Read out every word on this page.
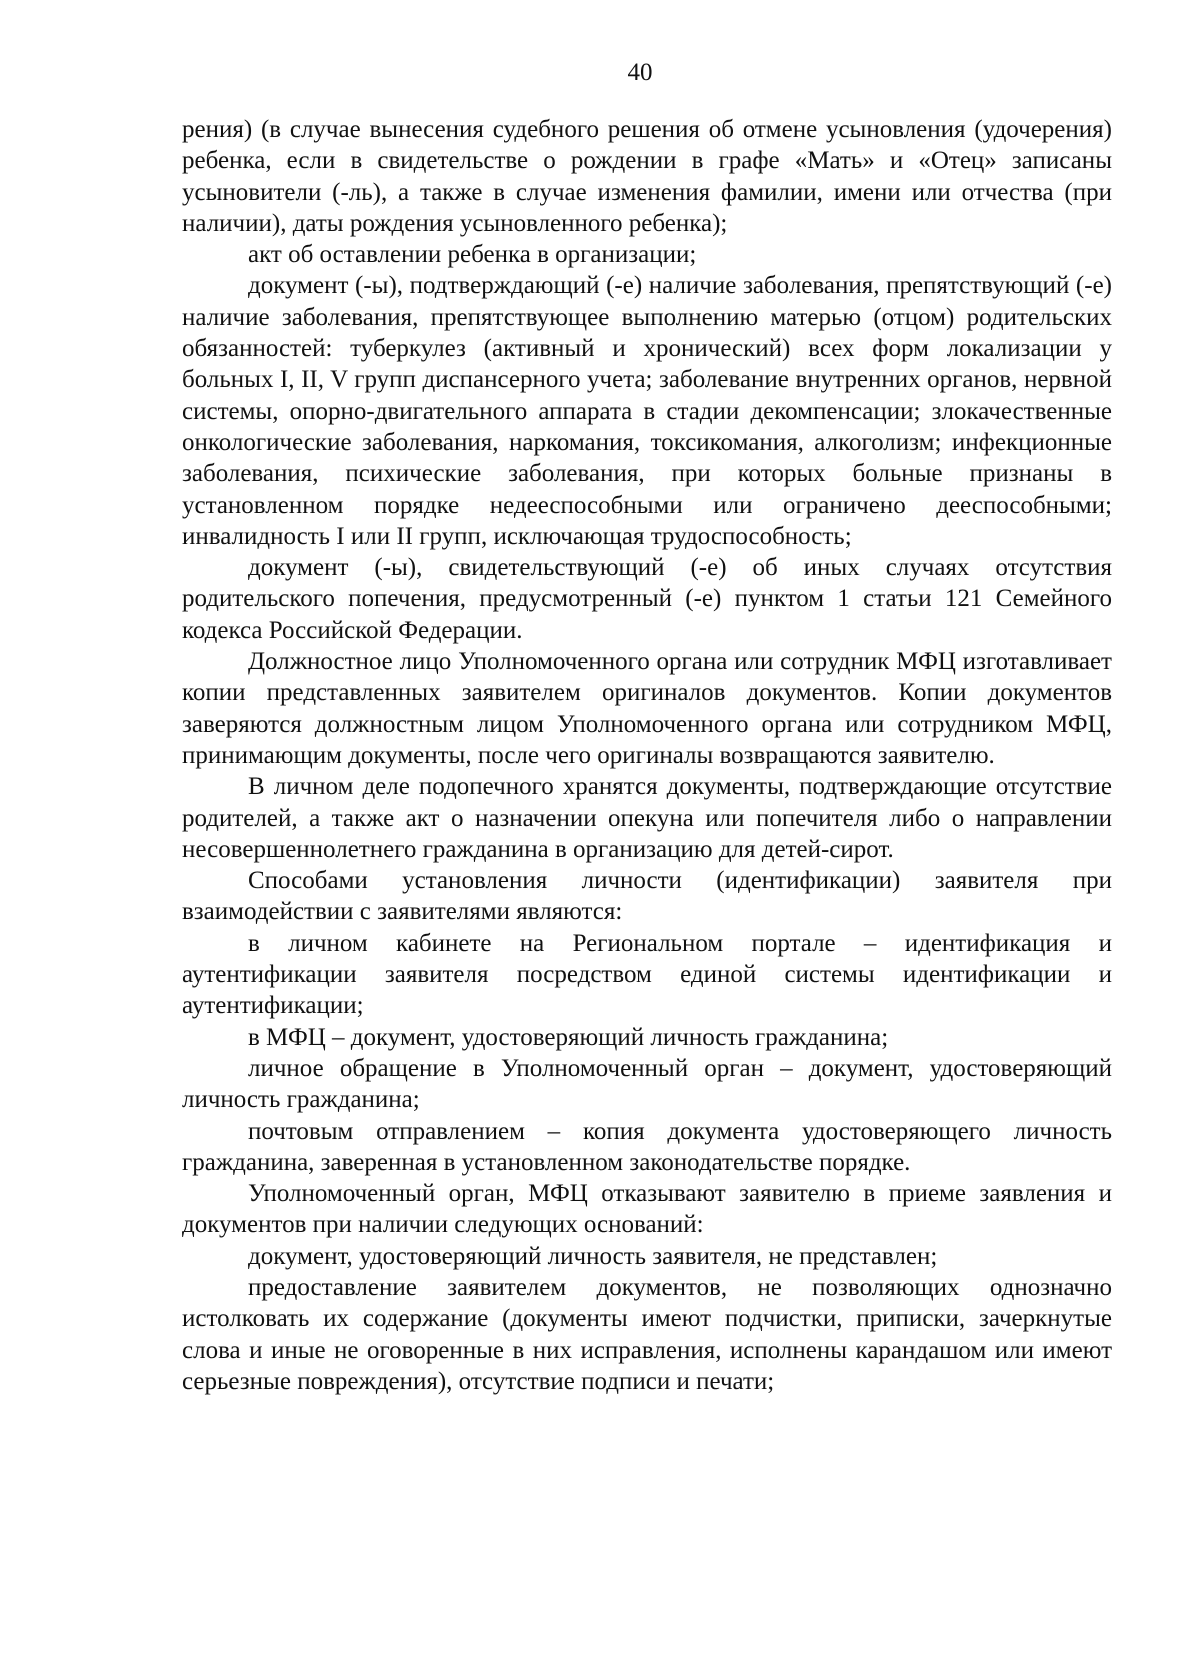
40

рения) (в случае вынесения судебного решения об отмене усыновления (удочерения) ребенка, если в свидетельстве о рождении в графе «Мать» и «Отец» записаны усыновители (-ль), а также в случае изменения фамилии, имени или отчества (при наличии), даты рождения усыновленного ребенка);

акт об оставлении ребенка в организации;

документ (-ы), подтверждающий (-е) наличие заболевания, препятствующий (-е) наличие заболевания, препятствующее выполнению матерью (отцом) родительских обязанностей: туберкулез (активный и хронический) всех форм локализации у больных I, II, V групп диспансерного учета; заболевание внутренних органов, нервной системы, опорно-двигательного аппарата в стадии декомпенсации; злокачественные онкологические заболевания, наркомания, токсикомания, алкоголизм; инфекционные заболевания, психические заболевания, при которых больные признаны в установленном порядке недееспособными или ограничено дееспособными; инвалидность I или II групп, исключающая трудоспособность;

документ (-ы), свидетельствующий (-е) об иных случаях отсутствия родительского попечения, предусмотренный (-е) пунктом 1 статьи 121 Семейного кодекса Российской Федерации.

Должностное лицо Уполномоченного органа или сотрудник МФЦ изготавливает копии представленных заявителем оригиналов документов. Копии документов заверяются должностным лицом Уполномоченного органа или сотрудником МФЦ, принимающим документы, после чего оригиналы возвращаются заявителю.

В личном деле подопечного хранятся документы, подтверждающие отсутствие родителей, а также акт о назначении опекуна или попечителя либо о направлении несовершеннолетнего гражданина в организацию для детей-сирот.

Способами установления личности (идентификации) заявителя при взаимодействии с заявителями являются:

в личном кабинете на Региональном портале – идентификация и аутентификации заявителя посредством единой системы идентификации и аутентификации;

в МФЦ – документ, удостоверяющий личность гражданина;

личное обращение в Уполномоченный орган – документ, удостоверяющий личность гражданина;

почтовым отправлением – копия документа удостоверяющего личность гражданина, заверенная в установленном законодательстве порядке.

Уполномоченный орган, МФЦ отказывают заявителю в приеме заявления и документов при наличии следующих оснований:

документ, удостоверяющий личность заявителя, не представлен;

предоставление заявителем документов, не позволяющих однозначно истолковать их содержание (документы имеют подчистки, приписки, зачеркнутые слова и иные не оговоренные в них исправления, исполнены карандашом или имеют серьезные повреждения), отсутствие подписи и печати;
